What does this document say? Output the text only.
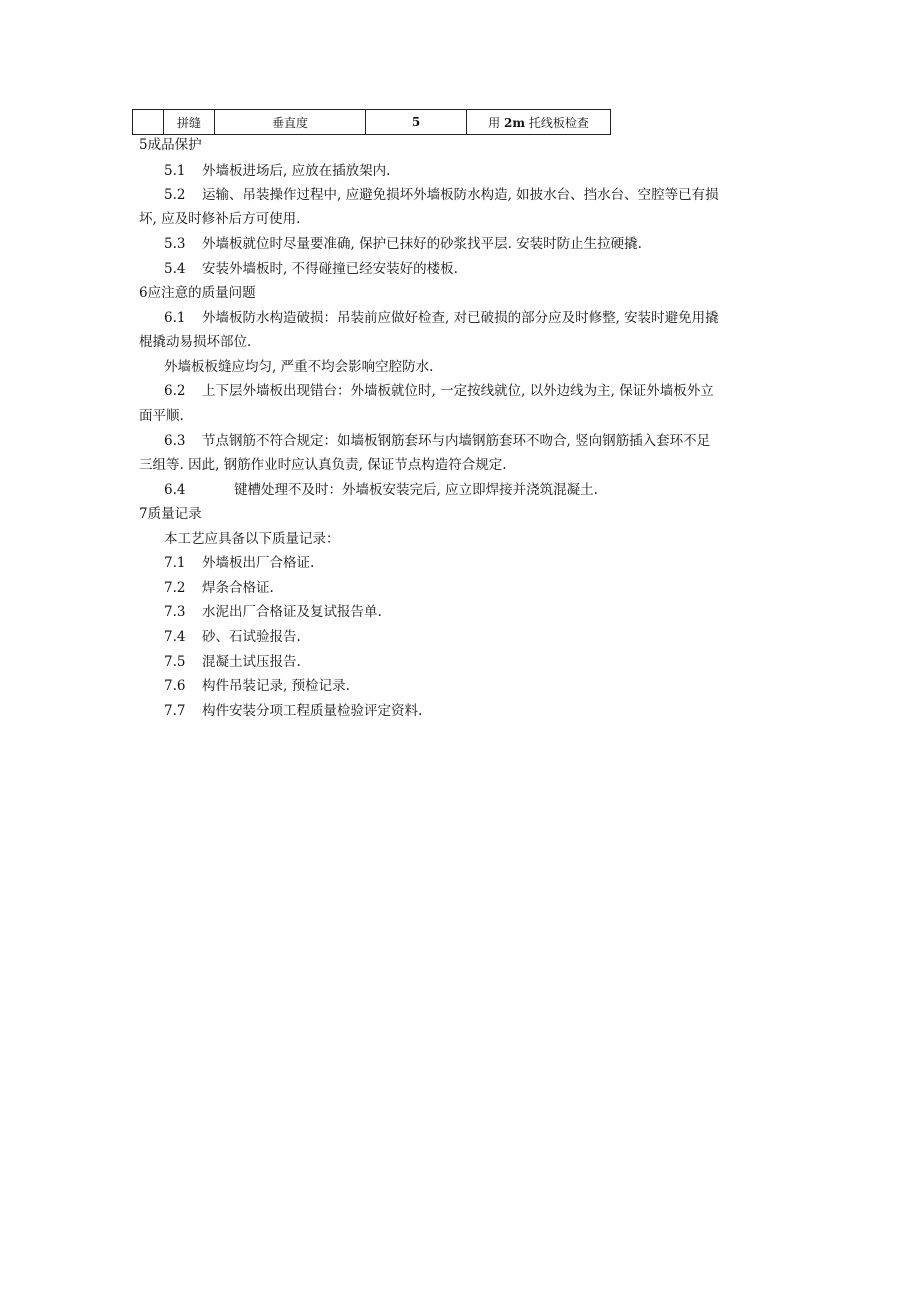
	拼缝	垂直度	5	用 2m 托线板检查
5成品保护
5.1 外墙板进场后, 应放在插放架内.
5.2 运输、吊装操作过程中, 应避免损坏外墙板防水构造, 如披水台、挡水台、空腔等已有损
坏, 应及时修补后方可使用.
5.3 外墙板就位时尽量要准确, 保护已抹好的砂浆找平层. 安装时防止生拉硬撬.
5.4 安装外墙板时, 不得碰撞已经安装好的楼板.
6应注意的质量问题
6.1 外墙板防水构造破损：吊装前应做好检查, 对已破损的部分应及时修整, 安装时避免用撬
棍撬动易损坏部位.
外墙板板缝应均匀, 严重不均会影响空腔防水.
6.2 上下层外墙板出现错台：外墙板就位时, 一定按线就位, 以外边线为主, 保证外墙板外立
面平顺.
6.3 节点钢筋不符合规定：如墙板钢筋套环与内墙钢筋套环不吻合, 竖向钢筋插入套环不足
三组等. 因此, 钢筋作业时应认真负责, 保证节点构造符合规定.
6.4	键槽处理不及时：外墙板安装完后, 应立即焊接并浇筑混凝土.
7质量记录
本工艺应具备以下质量记录：
7.1 外墙板出厂合格证.
7.2 焊条合格证.
7.3 水泥出厂合格证及复试报告单.
7.4 砂、石试验报告.
7.5 混凝土试压报告.
7.6 构件吊装记录, 预检记录.
7.7 构件安装分项工程质量检验评定资料.
